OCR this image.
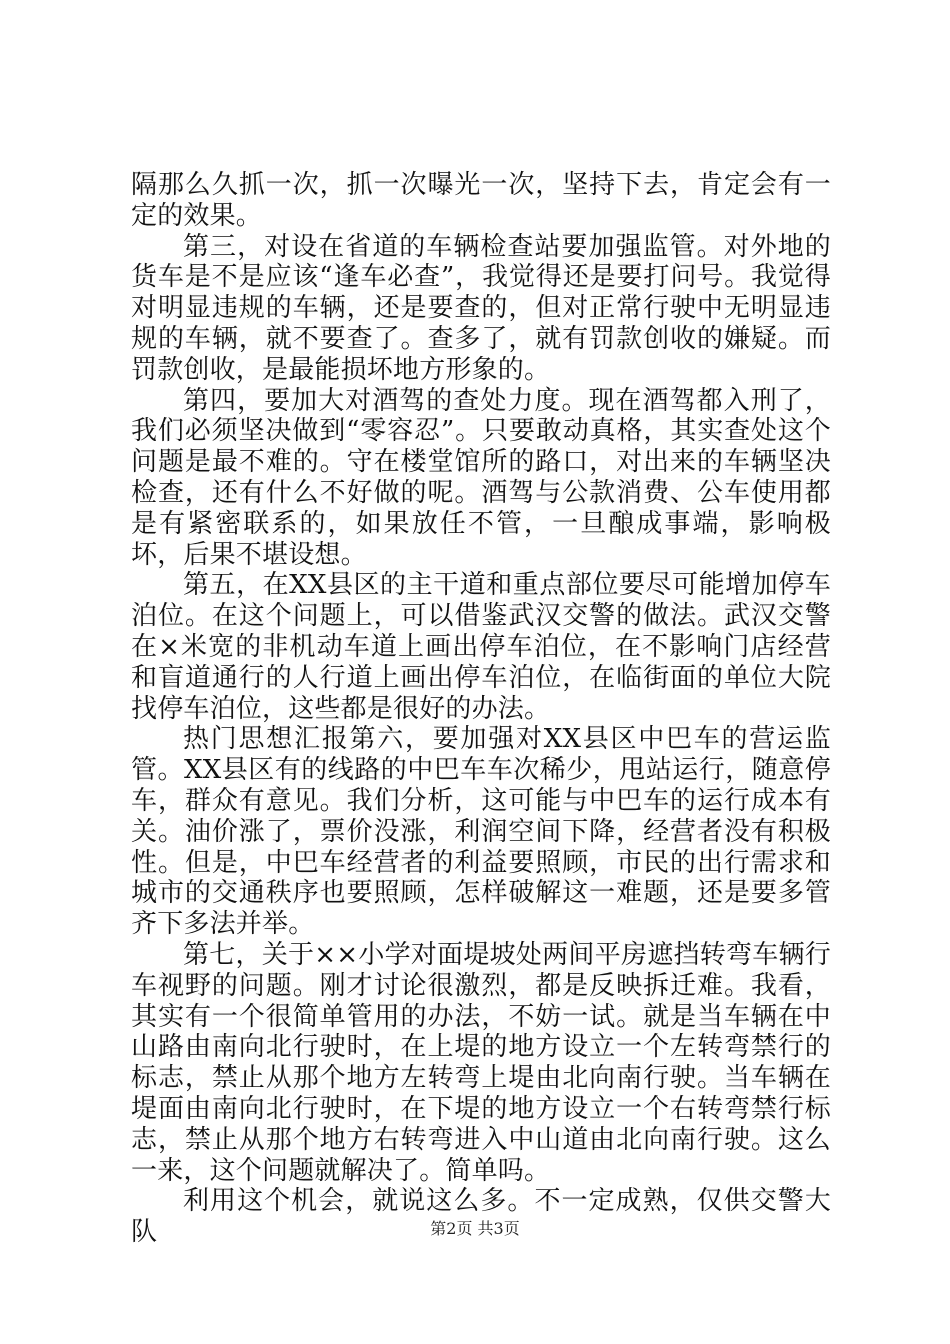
隔那么久抓一次，抓一次曝光一次，坚持下去，肯定会有一定的效果。

第三，对设在省道的车辆检查站要加强监管。对外地的货车是不是应该“逢车必查”，我觉得还是要打问号。我觉得对明显违规的车辆，还是要查的，但对正常行驶中无明显违规的车辆，就不要查了。查多了，就有罚款创收的嫌疑。而罚款创收，是最能损坏地方形象的。

第四，要加大对酒驾的查处力度。现在酒驾都入刑了，我们必须坚决做到“零容忍”。只要敢动真格，其实查处这个问题是最不难的。守在楼堂馆所的路口，对出来的车辆坚决检查，还有什么不好做的呢。酒驾与公款消费、公车使用都是有紧密联系的，如果放任不管，一旦酿成事端，影响极坏，后果不堪设想。

第五，在XX县区的主干道和重点部位要尽可能增加停车泊位。在这个问题上，可以借鉴武汉交警的做法。武汉交警在×米宽的非机动车道上画出停车泊位，在不影响门店经营和盲道通行的人行道上画出停车泊位，在临街面的单位大院找停车泊位，这些都是很好的办法。

热门思想汇报第六，要加强对XX县区中巴车的营运监管。XX县区有的线路的中巴车车次稀少，甩站运行，随意停车，群众有意见。我们分析，这可能与中巴车的运行成本有关。油价涨了，票价没涨，利润空间下降，经营者没有积极性。但是，中巴车经营者的利益要照顾，市民的出行需求和城市的交通秩序也要照顾，怎样破解这一难题，还是要多管齐下多法并举。

第七，关于××小学对面堤坡处两间平房遮挡转弯车辆行车视野的问题。刚才讨论很激烈，都是反映拆迁难。我看，其实有一个很简单管用的办法，不妨一试。就是当车辆在中山路由南向北行驶时，在上堤的地方设立一个左转弯禁行的标志，禁止从那个地方左转弯上堤由北向南行驶。当车辆在堤面由南向北行驶时，在下堤的地方设立一个右转弯禁行标志，禁止从那个地方右转弯进入中山道由北向南行驶。这么一来，这个问题就解决了。简单吗。

利用这个机会，就说这么多。不一定成熟，仅供交警大队	第2页 共3页
